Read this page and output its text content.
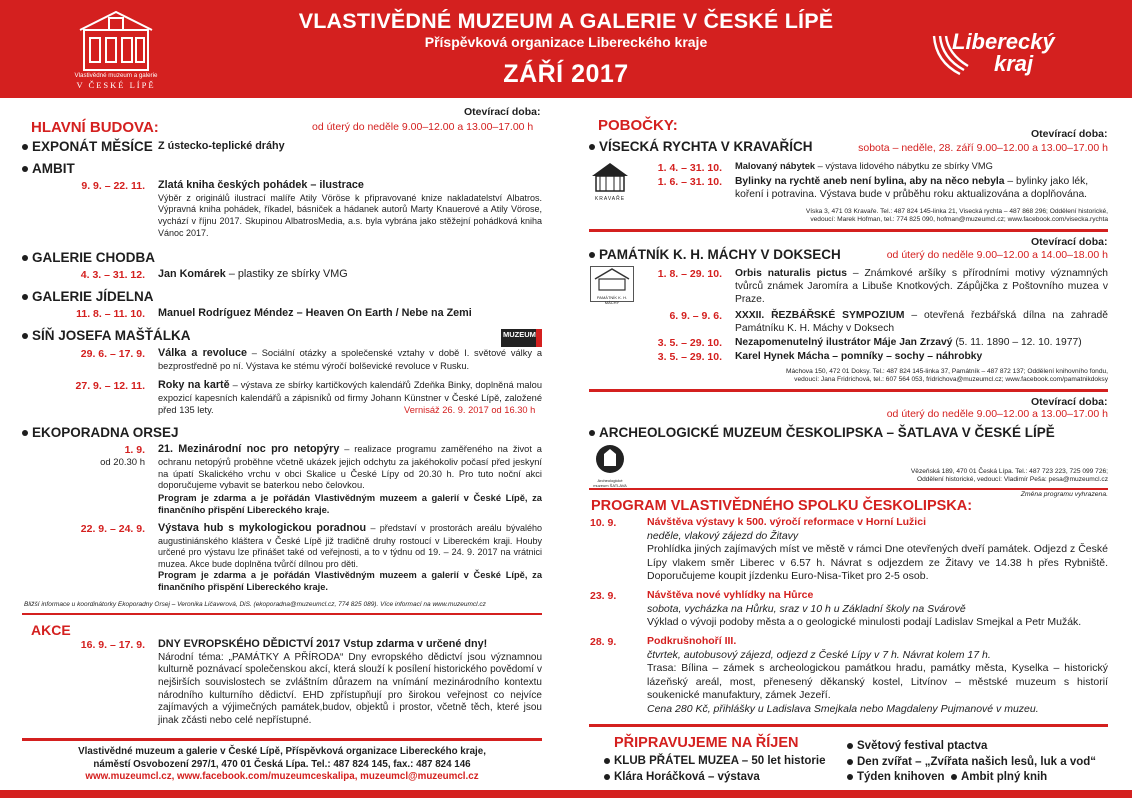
Vlastivědné muzeum a galerie
V ČESKÉ LÍPĚ
VLASTIVĚDNÉ MUZEUM A GALERIE V ČESKÉ LÍPĚ
Příspěvková organizace Libereckého kraje
ZÁŘÍ 2017
Liberecký
kraj
Otevírací doba:
HLAVNÍ BUDOVA:	od úterý do neděle 9.00–12.00 a 13.00–17.00 h
EXPONÁT MĚSÍCE Z ústecko-teplické dráhy
AMBIT
9. 9. – 22. 11. Zlatá kniha českých pohádek – ilustrace
Výběr z originálů ilustrací malíře Atily Vöröse k připravované knize nakladatelství Albatros. Výpravná kniha pohádek, říkadel, básniček a hádanek autorů Marty Knauerové a Atily Vörose, vychází v říjnu 2017. Skupinou AlbatrosMedia, a.s. byla vybrána jako stěžejní pohádková kniha Vánoc 2017.
GALERIE CHODBA
4. 3. – 31. 12. Jan Komárek – plastiky ze sbírky VMG
GALERIE JÍDELNA
11. 8. – 11. 10. Manuel Rodríguez Méndez – Heaven On Earth / Nebe na Zemi
SÍŇ JOSEFA MAŠŤÁLKA	MUZEUM
29. 6. – 17. 9. Válka a revoluce – Sociální otázky a společenské vztahy v době I. světové války a bezprostředně po ní. Výstava ke stému výročí bolševické revoluce v Rusku.
27. 9. – 12. 11. Roky na kartě – výstava ze sbírky kartičkových kalendářů Zdeňka Binky, doplněná malou expozicí kapesních kalendářů a zápisníků od firmy Johann Künstner v České Lípě, založené před 135 lety.	Vernisáž 26. 9. 2017 od 16.30 h
EKOPORADNA ORSEJ
1. 9.
od 20.30 h
21. Mezinárodní noc pro netopýry – realizace programu zaměřeného na život a ochranu netopýrů proběhne včetně ukázek jejich odchytu za jakéhokoliv počasí před jeskyní na úpatí Skalického vrchu v obci Skalice u České Lípy od 20.30 h. Pro tuto noční akci doporučujeme vybavit se baterkou nebo čelovkou.
Program je zdarma a je pořádán Vlastivědným muzeem a galerií v České Lípě, za finančního přispění Libereckého kraje.
22. 9. – 24. 9. Výstava hub s mykologickou poradnou – představí v prostorách areálu bývalého augustiniánského kláštera v České Lípě již tradičně druhy rostoucí v Libereckém kraji. Houby určené pro výstavu lze přinášet také od veřejnosti, a to v týdnu od 19. – 24. 9. 2017 na vrátnici muzea. Akce bude doplněna tvůrčí dílnou pro děti.
Program je zdarma a je pořádán Vlastivědným muzeem a galerií v České Lípě, za finančního přispění Libereckého kraje.
Bližší informace u koordinátorky Ekoporadny Orsej – Veronika Ličaverová, DiS. (ekoporadna@muzeumcl.cz, 774 825 089). Více informací na www.muzeumcl.cz
AKCE
16. 9. – 17. 9. DNY EVROPSKÉHO DĚDICTVÍ 2017 Vstup zdarma v určené dny!
Národní téma: „PAMÁTKY A PŘÍRODA“ Dny evropského dědictví jsou významnou kulturně poznávací společenskou akcí, která slouží k posílení historického povědomí v nejširších souvislostech se zvláštním důrazem na vnímání mezinárodního kontextu národního kulturního dědictví. EHD zpřístupňují pro širokou veřejnost co nejvíce zajímavých a výjimečných památek,budov, objektů i prostor, včetně těch, které jsou jinak zčásti nebo celé nepřístupné.
Vlastivědné muzeum a galerie v České Lípě, Příspěvková organizace Libereckého kraje,
náměstí Osvobození 297/1, 470 01 Česká Lípa. Tel.: 487 824 145, fax.: 487 824 146
www.muzeumcl.cz, www.facebook.com/muzeumceskalipa, muzeumcl@muzeumcl.cz
POBOČKY:	Otevírací doba:
VÍSECKÁ RYCHTA V KRAVAŘÍCH	sobota – neděle, 28. září 9.00–12.00 a 13.00–17.00 h
KRAVAŘE
1. 4. – 31. 10. Malovaný nábytek – výstava lidového nábytku ze sbírky VMG
1. 6. – 31. 10. Bylinky na rychtě aneb není bylina, aby na něco nebyla – bylinky jako lék, koření i potravina. Výstava bude v průběhu roku aktualizována a doplňována.
Víska 3, 471 03 Kravaře. Tel.: 487 824 145-linka 21, Visecká rychta – 487 868 296; Oddělení historické,
vedoucí: Marek Hofman, tel.: 774 825 090, hofman@muzeumcl.cz; www.facebook.com/visecka.rychta
Otevírací doba:
PAMÁTNÍK K. H. MÁCHY V DOKSECH	od úterý do neděle 9.00–12.00 a 14.00–18.00 h
PAMÁTNÍK K. H. MÁCHY
1. 8. – 29. 10. Orbis naturalis pictus – Známkové aršíky s přírodními motivy významných tvůrců známek Jaromíra a Libuše Knotkových. Zápůjčka z Poštovního muzea v Praze.
6. 9. – 9. 6. XXXII. ŘEZBÁŘSKÉ SYMPOZIUM – otevřená řezbářská dílna na zahradě Památníku K. H. Máchy v Doksech
3. 5. – 29. 10. Nezapomenutelný ilustrátor Máje Jan Zrzavý (5. 11. 1890 – 12. 10. 1977)
3. 5. – 29. 10. Karel Hynek Mácha – pomníky – sochy – náhrobky
Máchova 150, 472 01 Doksy. Tel.: 487 824 145-linka 37, Památník – 487 872 137; Oddělení knihovního fondu,
vedoucí: Jana Fridrichová, tel.: 607 564 053, fridrichova@muzeumcl.cz; www.facebook.com/pamatnikdoksy
Otevírací doba:
od úterý do neděle 9.00–12.00 a 13.00–17.00 h
ARCHEOLOGICKÉ MUZEUM ČESKOLIPSKA – ŠATLAVA V ČESKÉ LÍPĚ
Archeologické muzeum ŠATLAVA
Vězeňská 189, 470 01 Česká Lípa. Tel.: 487 723 223, 725 099 726;
Oddělení historické, vedoucí: Vladimír Peša: pesa@muzeumcl.cz
Změna programu vyhrazena.
PROGRAM VLASTIVĚDNÉHO SPOLKU ČESKOLIPSKA:
10. 9.	Návštěva výstavy k 500. výročí reformace v Horní Lužici
neděle, vlakový zájezd do Žitavy
Prohlídka jiných zajímavých míst ve městě v rámci Dne otevřených dveří památek. Odjezd z České Lípy vlakem směr Liberec v 6.57 h. Návrat s odjezdem ze Žitavy ve 14.38 h přes Rybniště. Doporučujeme koupit jízdenku Euro-Nisa-Tiket pro 2-5 osob.
23. 9.	Návštěva nové vyhlídky na Hůrce
sobota, vycházka na Hůrku, sraz v 10 h u Základní školy na Svárově
Výklad o vývoji podoby města a o geologické minulosti podají Ladislav Smejkal a Petr Mužák.
28. 9.	Podkrušnohoří III.
čtvrtek, autobusový zájezd, odjezd z České Lípy v 7 h. Návrat kolem 17 h.
Trasa: Bílina – zámek s archeologickou památkou hradu, památky města, Kyselka – historický lázeňský areál, most, přenesený děkanský kostel, Litvínov – městské muzeum s historií soukenické manufaktury, zámek Jezeří.
Cena 280 Kč, přihlášky u Ladislava Smejkala nebo Magdaleny Pujmanové v muzeu.
PŘIPRAVUJEME NA ŘÍJEN
KLUB PŘÁTEL MUZEA – 50 let historie
Klára Horáčková – výstava
Světový festival ptactva
Den zvířat – „Zvířata našich lesů, luk a vod“
Týden knihoven Ambit plný knih
